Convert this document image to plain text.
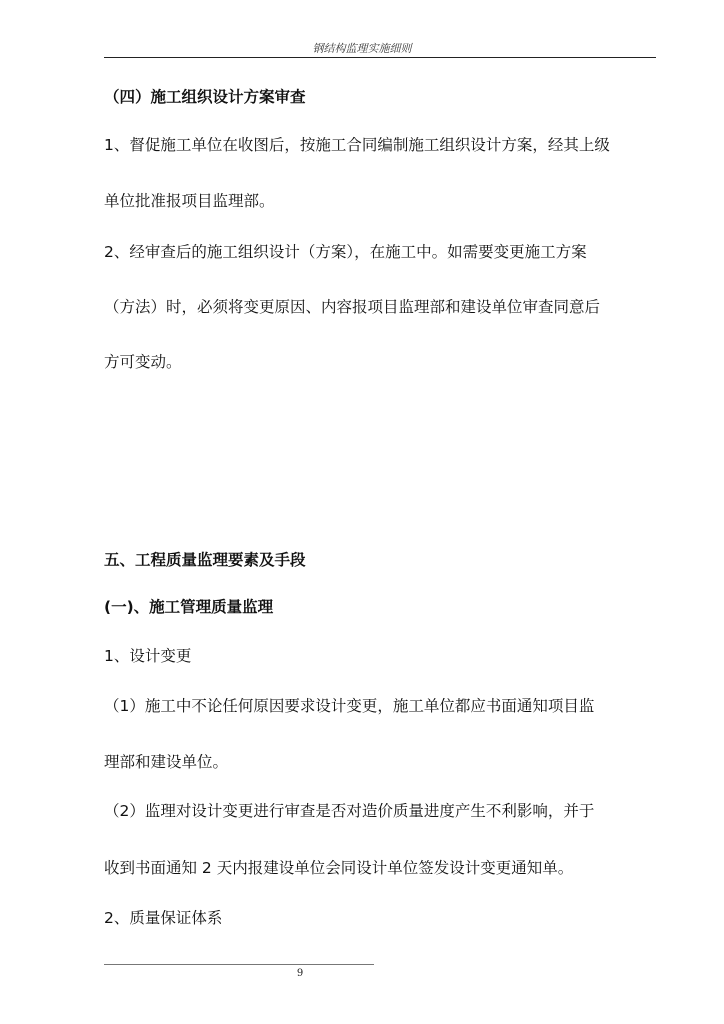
钢结构监理实施细则
（四）施工组织设计方案审查
1、督促施工单位在收图后，按施工合同编制施工组织设计方案，经其上级
单位批准报项目监理部。
2、经审查后的施工组织设计（方案），在施工中。如需要变更施工方案
（方法）时，必须将变更原因、内容报项目监理部和建设单位审查同意后
方可变动。
五、工程质量监理要素及手段
(一)、施工管理质量监理
1、设计变更
（1）施工中不论任何原因要求设计变更，施工单位都应书面通知项目监
理部和建设单位。
（2）监理对设计变更进行审查是否对造价质量进度产生不利影响，并于
收到书面通知 2 天内报建设单位会同设计单位签发设计变更通知单。
2、质量保证体系
9
